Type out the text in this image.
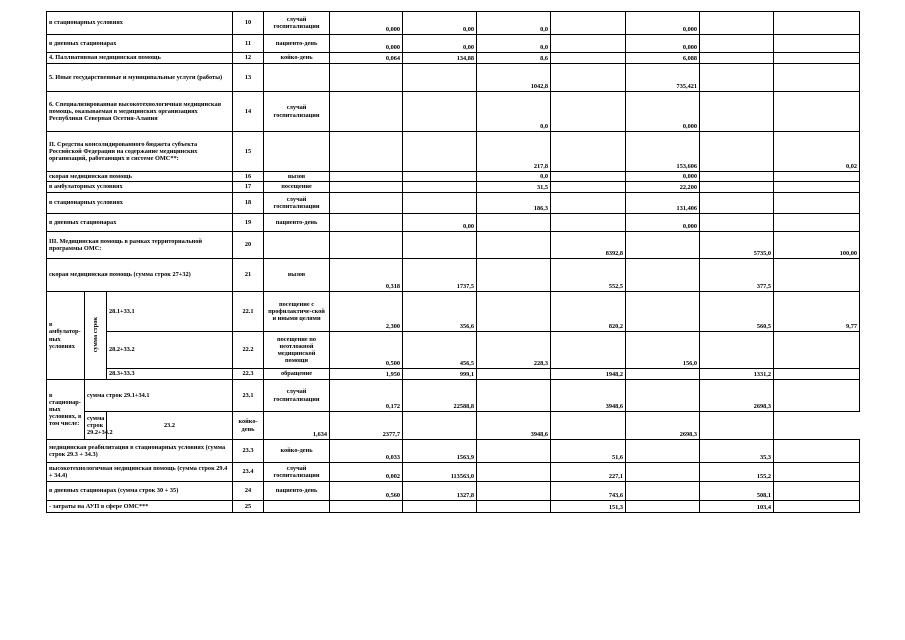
в стационарных условиях			10	случай госпитализации	0,000	0,00	0,0		0,000		
в дневных стационарах			11	пациенто-день	0,000	0,00	0,0		0,000		
4. Паллиативная медицинская помощь			12	койко-день	0,064	134,88	8,6		6,088		
5. Иные государственные и муниципальные услуги (работы)			13				1042,8		735,421		
6. Специализированная высокотехнологичная медицинская помощь, оказываемая в медицинских организациях Республики Северная Осетия-Алания			14	случай госпитализации			0,0		0,000		
II. Средства консолидированного бюджета субъекта Российской Федерации на содержание медицинских организаций, работающих в системе ОМС**:			15				217,8		153,606		0,02
скорая медицинская помощь			16	вызов			0,0		0,000		
в амбулаторных условиях			17	посещение			31,5		22,200		
в стационарных условиях			18	случай госпитализации			186,3		131,406		
в дневных стационарах			19	пациенто-день		0,00			0,000		
III. Медицинская помощь в рамках территориальной программы ОМС:			20					8392,8		5735,0	100,00
скорая медицинская помощь (сумма строк 27+32)			21	вызов	0,318	1737,5		552,5		377,5	
в амбулатор-ных условиях	сумма строк	28.1+33.1	22.1	посещение с профилактиче-ской и иными целями	2,300	356,6		820,2		560,5	9,77
		28.2+33.2	22.2	посещение по неотложной медицинской помощи	0,500	456,5	228,3		156,0		
		28.3+33.3	22.3	обращение	1,950	999,1		1948,2		1331,2	
в стационар-ных условиях, в том числе:	сумма строк 29.1+34.1		23.1	случай госпитализации	0,172	22588,8		3948,6		2698,3	
	сумма строк 29.2+34.2	23.2	койко-день	1,634	2377,7		3948,6		2698,3		
медицинская реабилитация в стационарных условиях (сумма строк 29.3 + 34.3)			23.3	койко-день	0,033	1563,9		51,6		35,3	
высокотехнологичная медицинская помощь (сумма строк 29.4 + 34.4)			23.4	случай госпитализации	0,002	113563,0		227,1		155,2	
в дневных стационарах (сумма строк 30 + 35)			24	пациенто-день	0,560	1327,8		743,6		508,1	
- затраты на АУП в сфере ОМС***			25					151,3		103,4	
